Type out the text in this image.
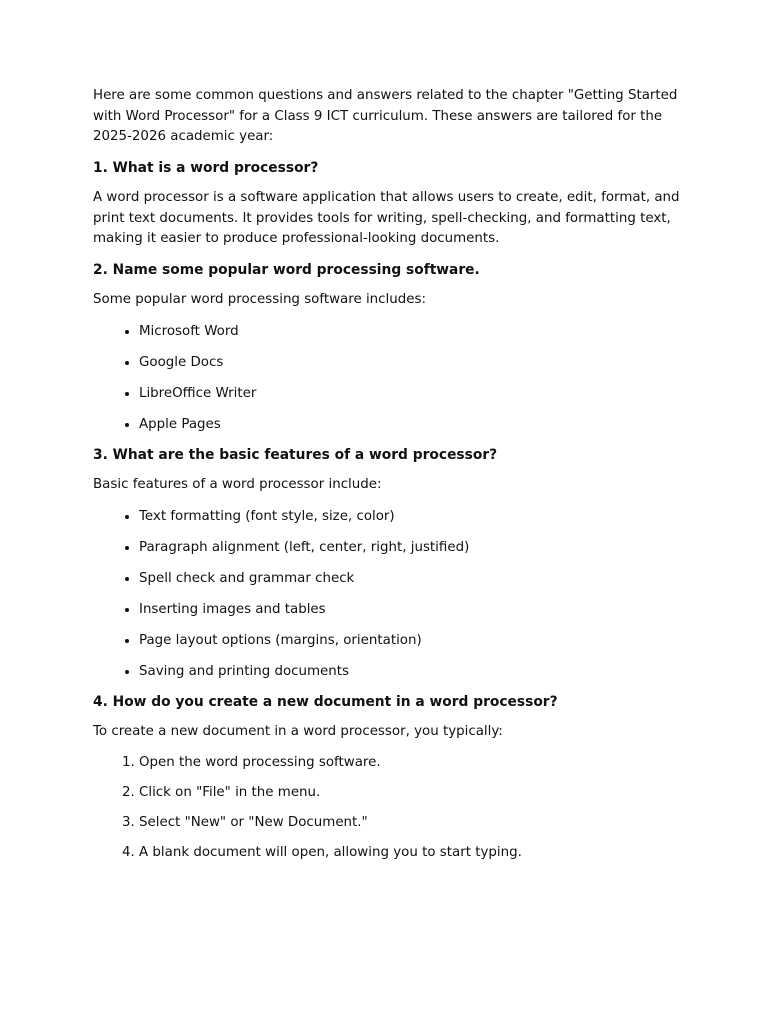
Here are some common questions and answers related to the chapter "Getting Started with Word Processor" for a Class 9 ICT curriculum. These answers are tailored for the 2025-2026 academic year:

1. What is a word processor?

A word processor is a software application that allows users to create, edit, format, and print text documents. It provides tools for writing, spell-checking, and formatting text, making it easier to produce professional-looking documents.

2. Name some popular word processing software.

Some popular word processing software includes:

• Microsoft Word
• Google Docs
• LibreOffice Writer
• Apple Pages

3. What are the basic features of a word processor?

Basic features of a word processor include:

• Text formatting (font style, size, color)
• Paragraph alignment (left, center, right, justified)
• Spell check and grammar check
• Inserting images and tables
• Page layout options (margins, orientation)
• Saving and printing documents

4. How do you create a new document in a word processor?

To create a new document in a word processor, you typically:

1. Open the word processing software.
2. Click on "File" in the menu.
3. Select "New" or "New Document."
4. A blank document will open, allowing you to start typing.
